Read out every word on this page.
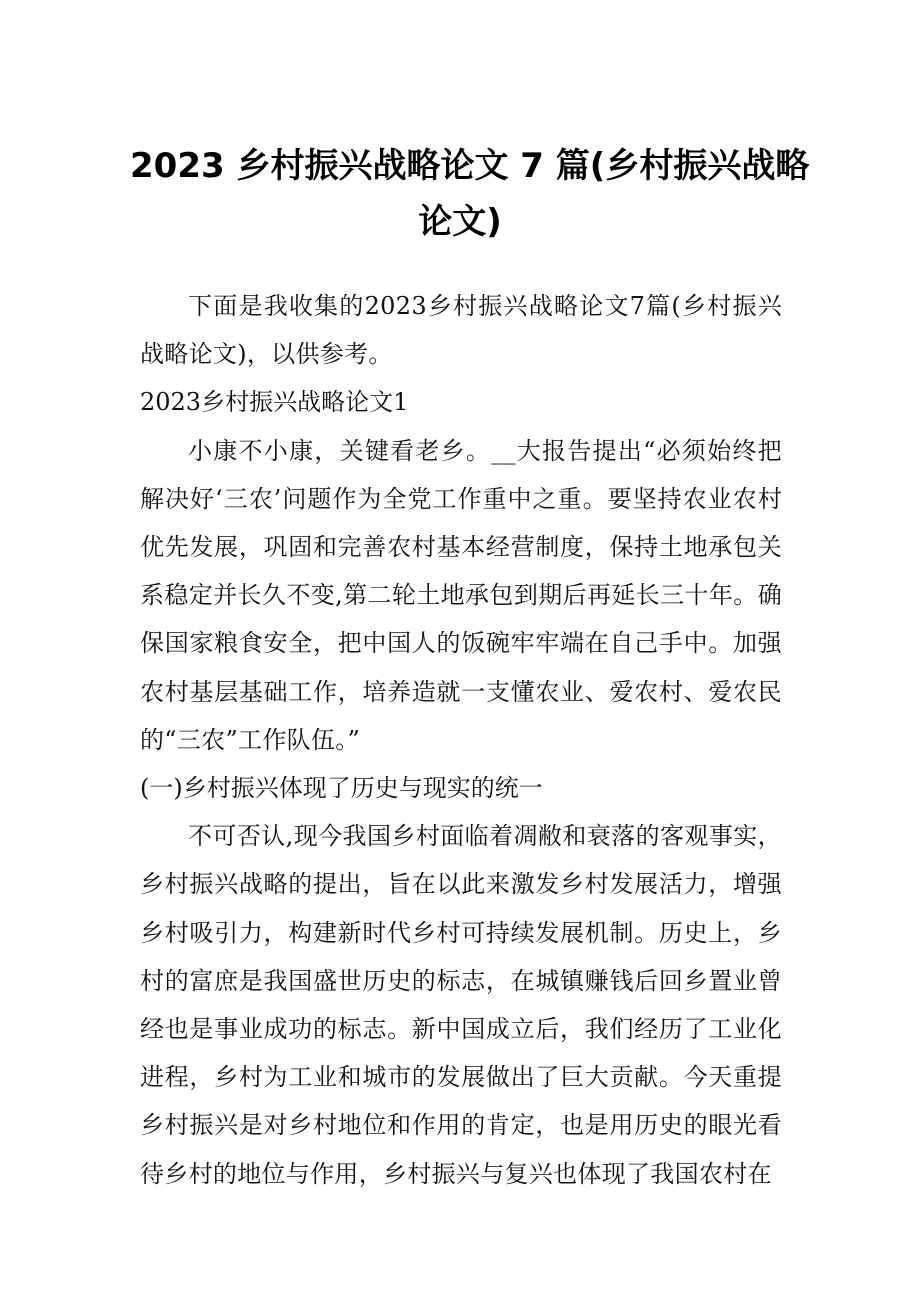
2023 乡村振兴战略论文 7 篇(乡村振兴战略
论文)

下面是我收集的2023乡村振兴战略论文7篇(乡村振兴战略论文)，以供参考。

2023乡村振兴战略论文1

小康不小康，关键看老乡。__大报告提出“必须始终把解决好‘三农’问题作为全党工作重中之重。要坚持农业农村优先发展，巩固和完善农村基本经营制度，保持土地承包关系稳定并长久不变,第二轮土地承包到期后再延长三十年。确保国家粮食安全，把中国人的饭碗牢牢端在自己手中。加强农村基层基础工作，培养造就一支懂农业、爱农村、爱农民的“三农”工作队伍。”

(一)乡村振兴体现了历史与现实的统一

不可否认,现今我国乡村面临着凋敝和衰落的客观事实，乡村振兴战略的提出，旨在以此来激发乡村发展活力，增强乡村吸引力，构建新时代乡村可持续发展机制。历史上，乡村的富庶是我国盛世历史的标志，在城镇赚钱后回乡置业曾经也是事业成功的标志。新中国成立后，我们经历了工业化进程，乡村为工业和城市的发展做出了巨大贡献。今天重提乡村振兴是对乡村地位和作用的肯定，也是用历史的眼光看待乡村的地位与作用，乡村振兴与复兴也体现了我国农村在
